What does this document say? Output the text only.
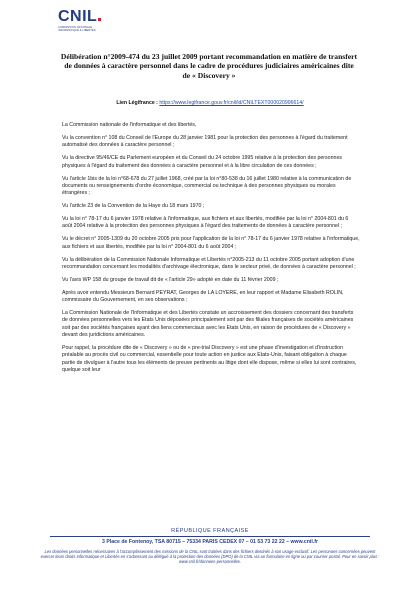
CNIL
COMMISSION NATIONALE
INFORMATIQUE & LIBERTÉS
Délibération n°2009-474 du 23 juillet 2009 portant recommandation en matière de transfert de données à caractère personnel dans le cadre de procédures judiciaires américaines dite de « Discovery »
Lien Légifrance : https://www.legifrance.gouv.fr/cnil/id/CNILTEXT000020996614/

La Commission nationale de l'informatique et des libertés,

Vu la convention n° 108 du Conseil de l'Europe du 28 janvier 1981 pour la protection des personnes à l'égard du traitement automatisé des données à caractère personnel ;

Vu la directive 95/46/CE du Parlement européen et du Conseil du 24 octobre 1995 relative à la protection des personnes physiques à l'égard du traitement des données à caractère personnel et à la libre circulation de ces données ;

Vu l'article 1bis de la loi n°68-678 du 27 juillet 1968, créé par la loi n°80-538 du 16 juillet 1980 relative à la communication de documents ou renseignements d'ordre économique, commercial ou technique à des personnes physiques ou morales étrangères ;

Vu l'article 23 de la Convention de la Haye du 18 mars 1970 ;

Vu la loi n° 78-17 du 6 janvier 1978 relative à l'informatique, aux fichiers et aux libertés, modifiée par la loi n° 2004-801 du 6 août 2004 relative à la protection des personnes physiques à l'égard des traitements de données à caractère personnel ;

Vu le décret n° 2005-1309 du 20 octobre 2005 pris pour l'application de la loi n° 78-17 du 6 janvier 1978 relative à l'informatique, aux fichiers et aux libertés, modifiée par la loi n° 2004-801 du 6 août 2004 ;

Vu la délibération de la Commission Nationale Informatique et Libertés n°2005-213 du 11 octobre 2005 portant adoption d'une recommandation concernant les modalités d'archivage électronique, dans le secteur privé, de données à caractère personnel ;

Vu l'avis WP 158 du groupe de travail dit de « l'article 29» adopté en date du 11 février 2009 ;

Après avoir entendu Messieurs Bernard PEYRAT, Georges de LA LOYERE, en leur rapport et Madame Elisabeth ROLIN, commissaire du Gouvernement, en ses observations ;

La Commission Nationale de l'Informatique et des Libertés constate un accroissement des dossiers concernant des transferts de données personnelles vers les Etats Unis déposées principalement soit par des filiales françaises de sociétés américaines soit par des sociétés françaises ayant des liens commerciaux avec les Etats Unis, en raison de procédures de « Discovery » devant des juridictions américaines.

Pour rappel, la procédure dite de « Discovery » ou de « pre-trial Discovery » est une phase d'investigation et d'instruction préalable au procès civil ou commercial, essentielle pour toute action en justice aux Etats-Unis, faisant obligation à chaque partie de divulguer à l'autre tous les éléments de preuve pertinents au litige dont elle dispose, même si elles lui sont contraires, quelque soit leur

RÉPUBLIQUE FRANÇAISE
3 Place de Fontenoy, TSA 80715 – 75334 PARIS CEDEX 07 – 01 53 73 22 22 – www.cnil.fr
Les données personnelles nécessaires à l'accomplissement des missions de la CNIL sont traitées dans des fichiers destinés à son usage exclusif. Les personnes concernées peuvent exercer leurs droits Informatique et Libertés en s'adressant au délégué à la protection des données (DPO) de la CNIL via un formulaire en ligne ou par courrier postal. Pour en savoir plus : www.cnil.fr/donnees-personnelles.
